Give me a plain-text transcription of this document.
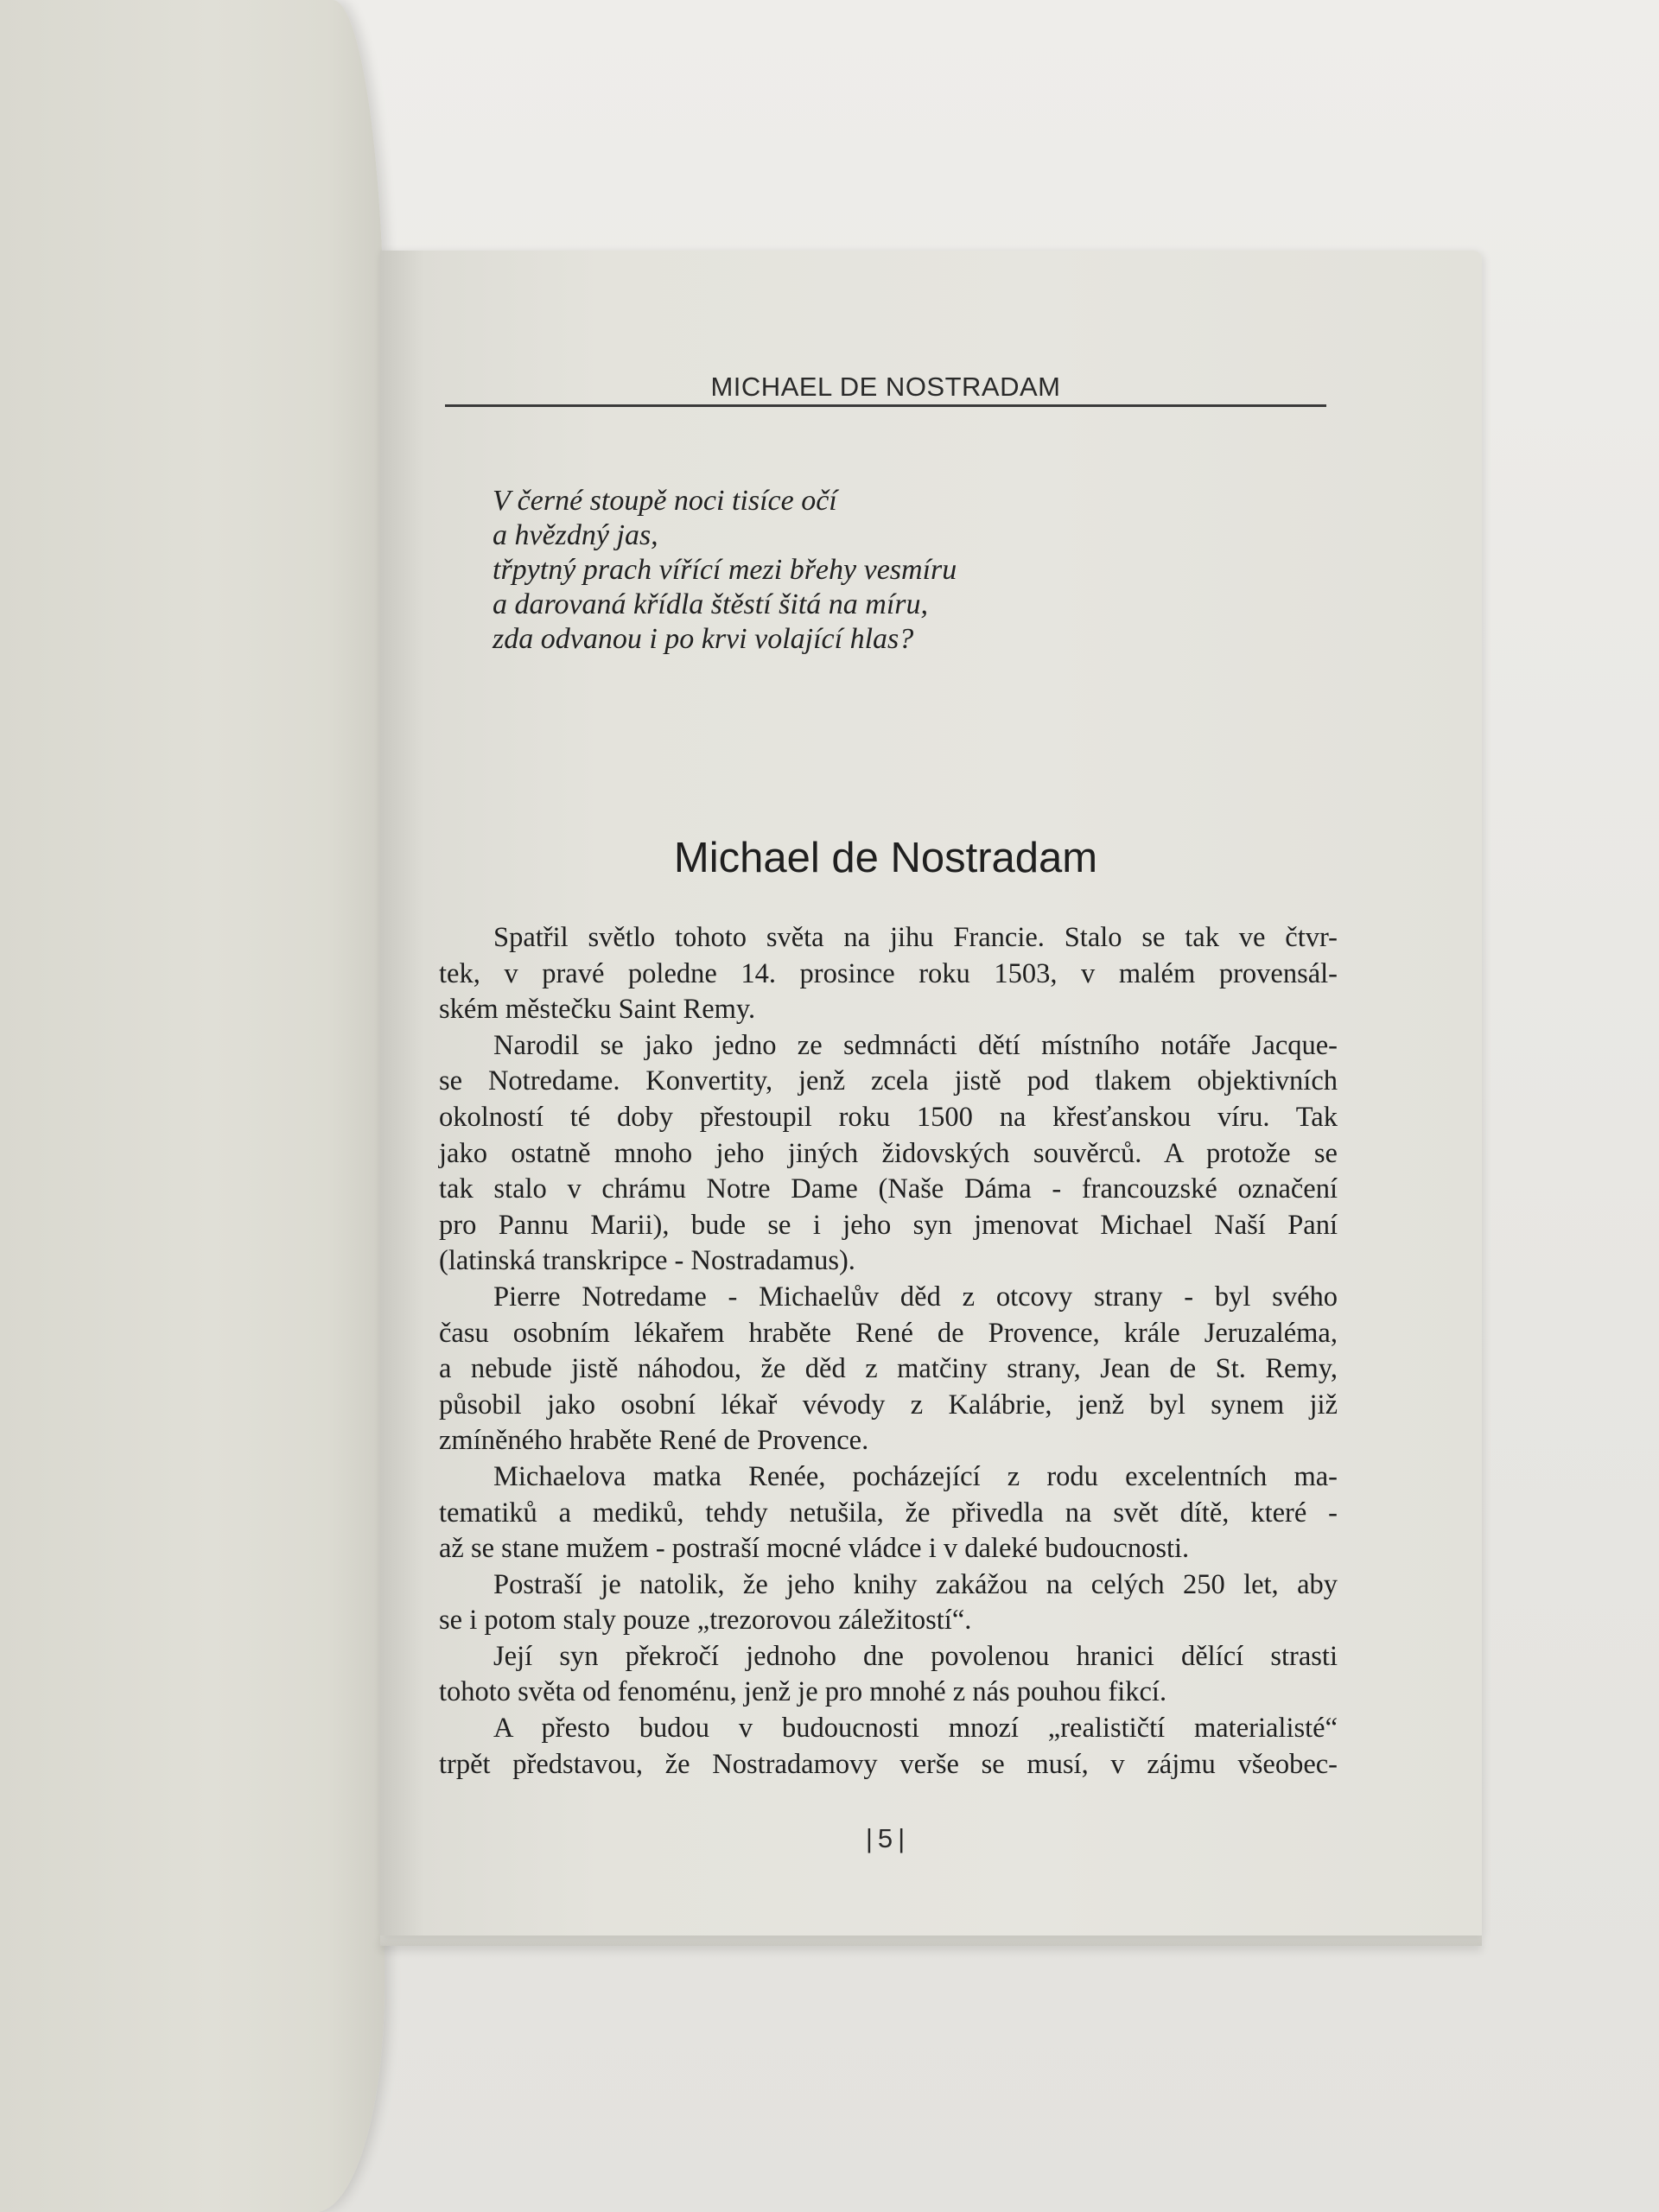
MICHAEL DE NOSTRADAM
V černé stoupě noci tisíce očí
a hvězdný jas,
třpytný prach vířící mezi břehy vesmíru
a darovaná křídla štěstí šitá na míru,
zda odvanou i po krvi volající hlas?
Michael de Nostradam

Spatřil světlo tohoto světa na jihu Francie. Stalo se tak ve čtvr-
tek, v pravé poledne 14. prosince roku 1503, v malém provensál-
ském městečku Saint Remy.

Narodil se jako jedno ze sedmnácti dětí místního notáře Jacque-
se Notredame. Konvertity, jenž zcela jistě pod tlakem objektivních
okolností té doby přestoupil roku 1500 na křesťanskou víru. Tak
jako ostatně mnoho jeho jiných židovských souvěrců. A protože se
tak stalo v chrámu Notre Dame (Naše Dáma - francouzské označení
pro Pannu Marii), bude se i jeho syn jmenovat Michael Naší Paní
(latinská transkripce - Nostradamus).

Pierre Notredame - Michaelův děd z otcovy strany - byl svého
času osobním lékařem hraběte René de Provence, krále Jeruzaléma,
a nebude jistě náhodou, že děd z matčiny strany, Jean de St. Remy,
působil jako osobní lékař vévody z Kalábrie, jenž byl synem již
zmíněného hraběte René de Provence.

Michaelova matka Renée, pocházející z rodu excelentních ma-
tematiků a mediků, tehdy netušila, že přivedla na svět dítě, které -
až se stane mužem - postraší mocné vládce i v daleké budoucnosti.

Postraší je natolik, že jeho knihy zakážou na celých 250 let, aby
se i potom staly pouze „trezorovou záležitostí“.

Její syn překročí jednoho dne povolenou hranici dělící strasti
tohoto světa od fenoménu, jenž je pro mnohé z nás pouhou fikcí.

A přesto budou v budoucnosti mnozí „realističtí materialisté“
trpět představou, že Nostradamovy verše se musí, v zájmu všeobec-

|5|
